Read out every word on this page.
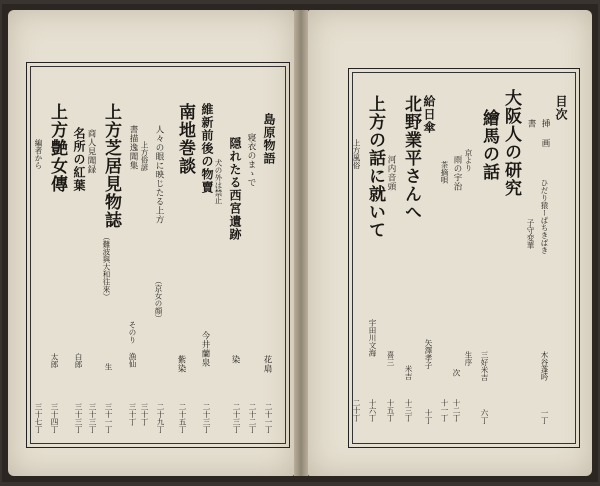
島原物語
花扇
二十一丁
寝衣のまゝで
二十二丁
隠れたる西宮遺跡
染
二十三丁
犬の外は禁止
維新前後の物賣
今井蘭泉
二十三丁
南地巻談
紫染
二十五丁
人々の眼に映じたる上方
（京女の顔）
二十九丁
上方俗諺
三十丁
書描逸聞集
そのり 漁仙
三十丁
上方芝居見物誌
（難波與大和往來）
生
三十一丁
商人見聞録
三十三丁
名所の紅葉
白郎
三十三丁
上方艶女傳
太郎
三十四丁
編者から
三十七丁
目次
挿 画
ひだり猿ーぱちきばき
木谷蓬吟
一丁
書
子守変華
大阪人の研究
繪馬の話
三好米吉
六丁
京より
生序
雨の宇治
次
十二丁
茶摘唄
十一丁
給日傘
矢澤孝子
十丁
北野業平さんへ
米吉
十三丁
河内音頭
喜三
十五丁
上方の話に就いて
宇田川文海
十六丁
上方風俗
二十丁
